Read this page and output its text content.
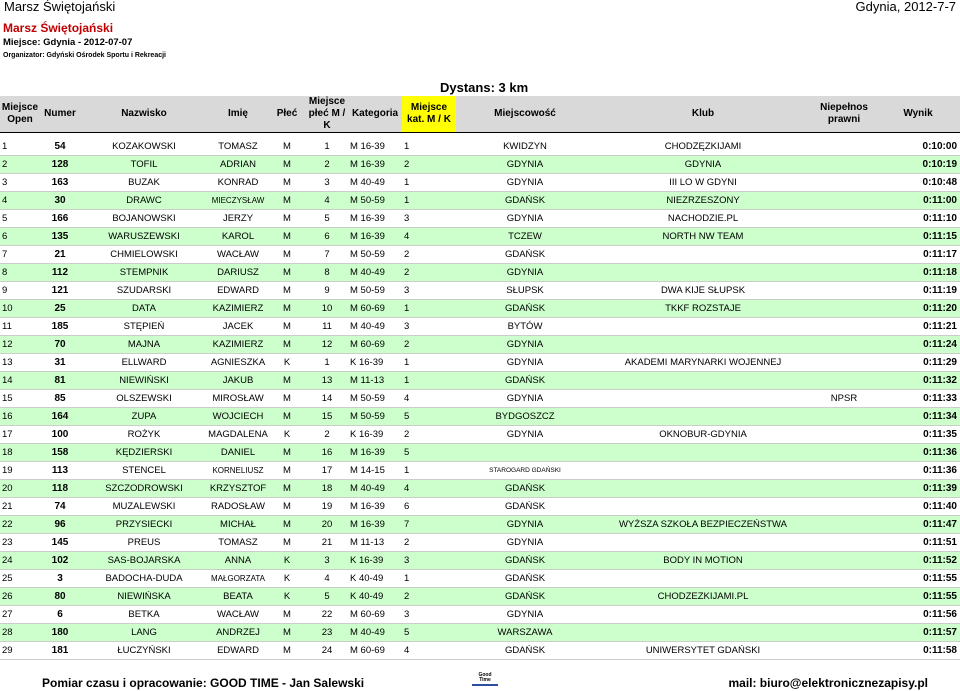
Marsz Świętojański	Gdynia, 2012-7-7
Marsz Świętojański
Miejsce: Gdynia - 2012-07-07
Organizator: Gdyński Ośrodek Sportu i Rekreacji
Dystans: 3 km
Miejsce Open	Numer	Nazwisko	Imię	Płeć	Miejsce płeć M / K	Kategoria	Miejsce kat. M / K	Miejscowość	Klub	Niepełnos prawni	Wynik

1	54	KOZAKOWSKI	TOMASZ	M	1	M 16-39	1	KWIDZYN	CHODZĘZKIJAMI		0:10:00
2	128	TOFIL	ADRIAN	M	2	M 16-39	2	GDYNIA	GDYNIA		0:10:19
3	163	BUZAK	KONRAD	M	3	M 40-49	1	GDYNIA	III LO W GDYNI		0:10:48
4	30	DRAWC	MIECZYSŁAW	M	4	M 50-59	1	GDAŃSK	NIEZRZESZONY		0:11:00
5	166	BOJANOWSKI	JERZY	M	5	M 16-39	3	GDYNIA	NACHODZIE.PL		0:11:10
6	135	WARUSZEWSKI	KAROL	M	6	M 16-39	4	TCZEW	NORTH NW TEAM		0:11:15
7	21	CHMIELOWSKI	WACŁAW	M	7	M 50-59	2	GDAŃSK			0:11:17
8	112	STEMPNIK	DARIUSZ	M	8	M 40-49	2	GDYNIA			0:11:18
9	121	SZUDARSKI	EDWARD	M	9	M 50-59	3	SŁUPSK	DWA KIJE SŁUPSK		0:11:19
10	25	DATA	KAZIMIERZ	M	10	M 60-69	1	GDAŃSK	TKKF ROZSTAJE		0:11:20
11	185	STĘPIEŃ	JACEK	M	11	M 40-49	3	BYTÓW			0:11:21
12	70	MAJNA	KAZIMIERZ	M	12	M 60-69	2	GDYNIA			0:11:24
13	31	ELLWARD	AGNIESZKA	K	1	K 16-39	1	GDYNIA	AKADEMI MARYNARKI WOJENNEJ		0:11:29
14	81	NIEWIŃSKI	JAKUB	M	13	M 11-13	1	GDAŃSK			0:11:32
15	85	OLSZEWSKI	MIROSŁAW	M	14	M 50-59	4	GDYNIA		NPSR	0:11:33
16	164	ZUPA	WOJCIECH	M	15	M 50-59	5	BYDGOSZCZ			0:11:34
17	100	ROŻYK	MAGDALENA	K	2	K 16-39	2	GDYNIA	OKNOBUR-GDYNIA		0:11:35
18	158	KĘDZIERSKI	DANIEL	M	16	M 16-39	5				0:11:36
19	113	STENCEL	KORNELIUSZ	M	17	M 14-15	1	STAROGARD GDAŃSKI			0:11:36
20	118	SZCZODROWSKI	KRZYSZTOF	M	18	M 40-49	4	GDAŃSK			0:11:39
21	74	MUZALEWSKI	RADOSŁAW	M	19	M 16-39	6	GDAŃSK			0:11:40
22	96	PRZYSIECKI	MICHAŁ	M	20	M 16-39	7	GDYNIA	WYŻSZA SZKOŁA BEZPIECZEŃSTWA		0:11:47
23	145	PREUS	TOMASZ	M	21	M 11-13	2	GDYNIA			0:11:51
24	102	SAS-BOJARSKA	ANNA	K	3	K 16-39	3	GDAŃSK	BODY IN MOTION		0:11:52
25	3	BADOCHA-DUDA	MAŁGORZATA	K	4	K 40-49	1	GDAŃSK			0:11:55
26	80	NIEWIŃSKA	BEATA	K	5	K 40-49	2	GDAŃSK	CHODZEZKIJAMI.PL		0:11:55
27	6	BETKA	WACŁAW	M	22	M 60-69	3	GDYNIA			0:11:56
28	180	LANG	ANDRZEJ	M	23	M 40-49	5	WARSZAWA			0:11:57
29	181	ŁUCZYŃSKI	EDWARD	M	24	M 60-69	4	GDAŃSK	UNIWERSYTET GDAŃSKI		0:11:58
Pomiar czasu i opracowanie: GOOD TIME - Jan Salewski	mail: biuro@elektronicznezapisy.pl
Good Time
